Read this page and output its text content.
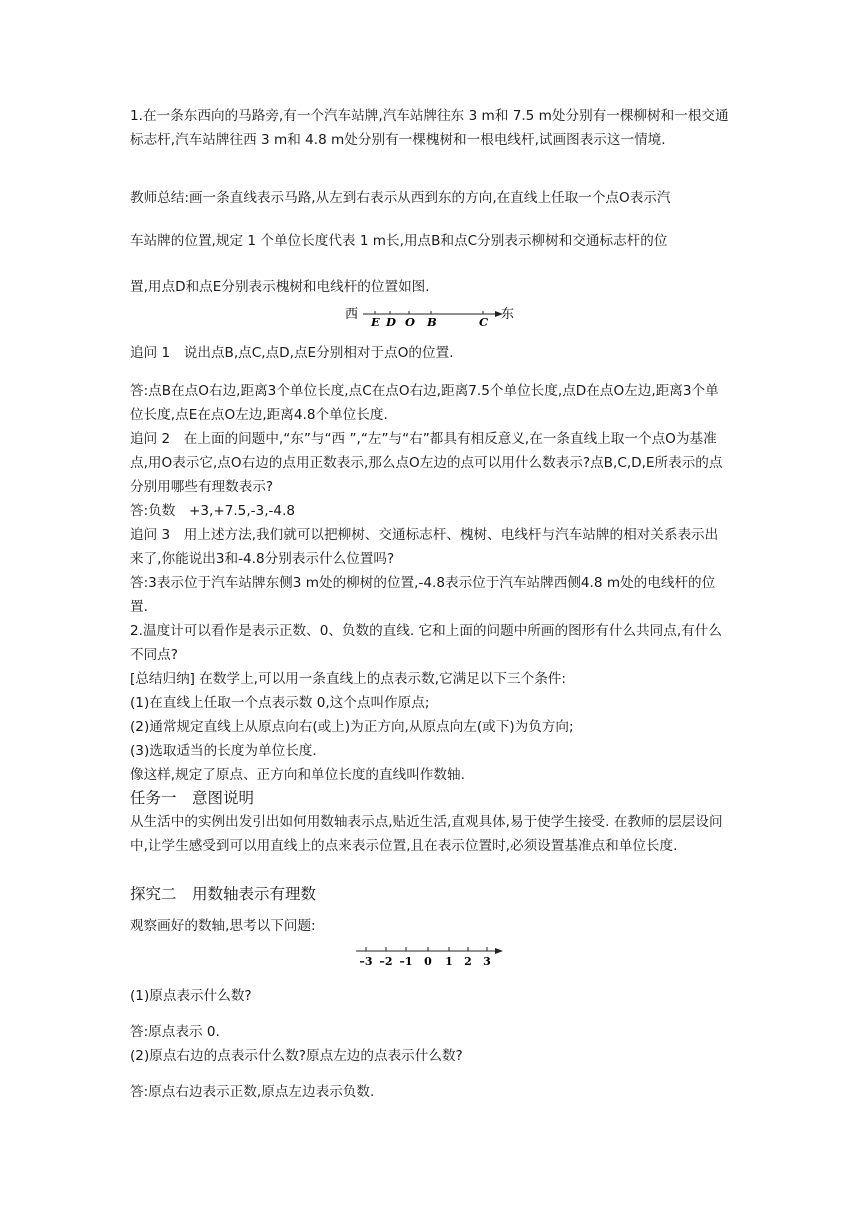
1.在一条东西向的马路旁,有一个汽车站牌,汽车站牌往东 3 m和 7.5 m处分别有一棵柳树和一根交通标志杆,汽车站牌往西 3 m和 4.8 m处分别有一棵槐树和一根电线杆,试画图表示这一情境.
教师总结:画一条直线表示马路,从左到右表示从西到东的方向,在直线上任取一个点O表示汽
车站牌的位置,规定 1 个单位长度代表 1 m长,用点B和点C分别表示柳树和交通标志杆的位
置,用点D和点E分别表示槐树和电线杆的位置如图.
西	东
E D O B	C
追问 1　说出点B,点C,点D,点E分别相对于点O的位置.
答:点B在点O右边,距离3个单位长度,点C在点O右边,距离7.5个单位长度,点D在点O左边,距离3个单位长度,点E在点O左边,距离4.8个单位长度.
追问 2　在上面的问题中,“东”与“西 ”,“左”与“右”都具有相反意义,在一条直线上取一个点O为基准点,用O表示它,点O右边的点用正数表示,那么点O左边的点可以用什么数表示?点B,C,D,E所表示的点分别用哪些有理数表示?
答:负数　+3,+7.5,-3,-4.8
追问 3　用上述方法,我们就可以把柳树、交通标志杆、槐树、电线杆与汽车站牌的相对关系表示出来了,你能说出3和-4.8分别表示什么位置吗?
答:3表示位于汽车站牌东侧3 m处的柳树的位置,-4.8表示位于汽车站牌西侧4.8 m处的电线杆的位置.
2.温度计可以看作是表示正数、0、负数的直线. 它和上面的问题中所画的图形有什么共同点,有什么不同点?
[总结归纳] 在数学上,可以用一条直线上的点表示数,它满足以下三个条件:
(1)在直线上任取一个点表示数 0,这个点叫作原点;
(2)通常规定直线上从原点向右(或上)为正方向,从原点向左(或下)为负方向;
(3)选取适当的长度为单位长度.
像这样,规定了原点、正方向和单位长度的直线叫作数轴.
任务一　意图说明
从生活中的实例出发引出如何用数轴表示点,贴近生活,直观具体,易于使学生接受. 在教师的层层设问中,让学生感受到可以用直线上的点来表示位置,且在表示位置时,必须设置基准点和单位长度.
探究二　用数轴表示有理数
观察画好的数轴,思考以下问题:
–3 –2 –1 0 1 2 3
(1)原点表示什么数?
答:原点表示 0.
(2)原点右边的点表示什么数?原点左边的点表示什么数?
答:原点右边表示正数,原点左边表示负数.
